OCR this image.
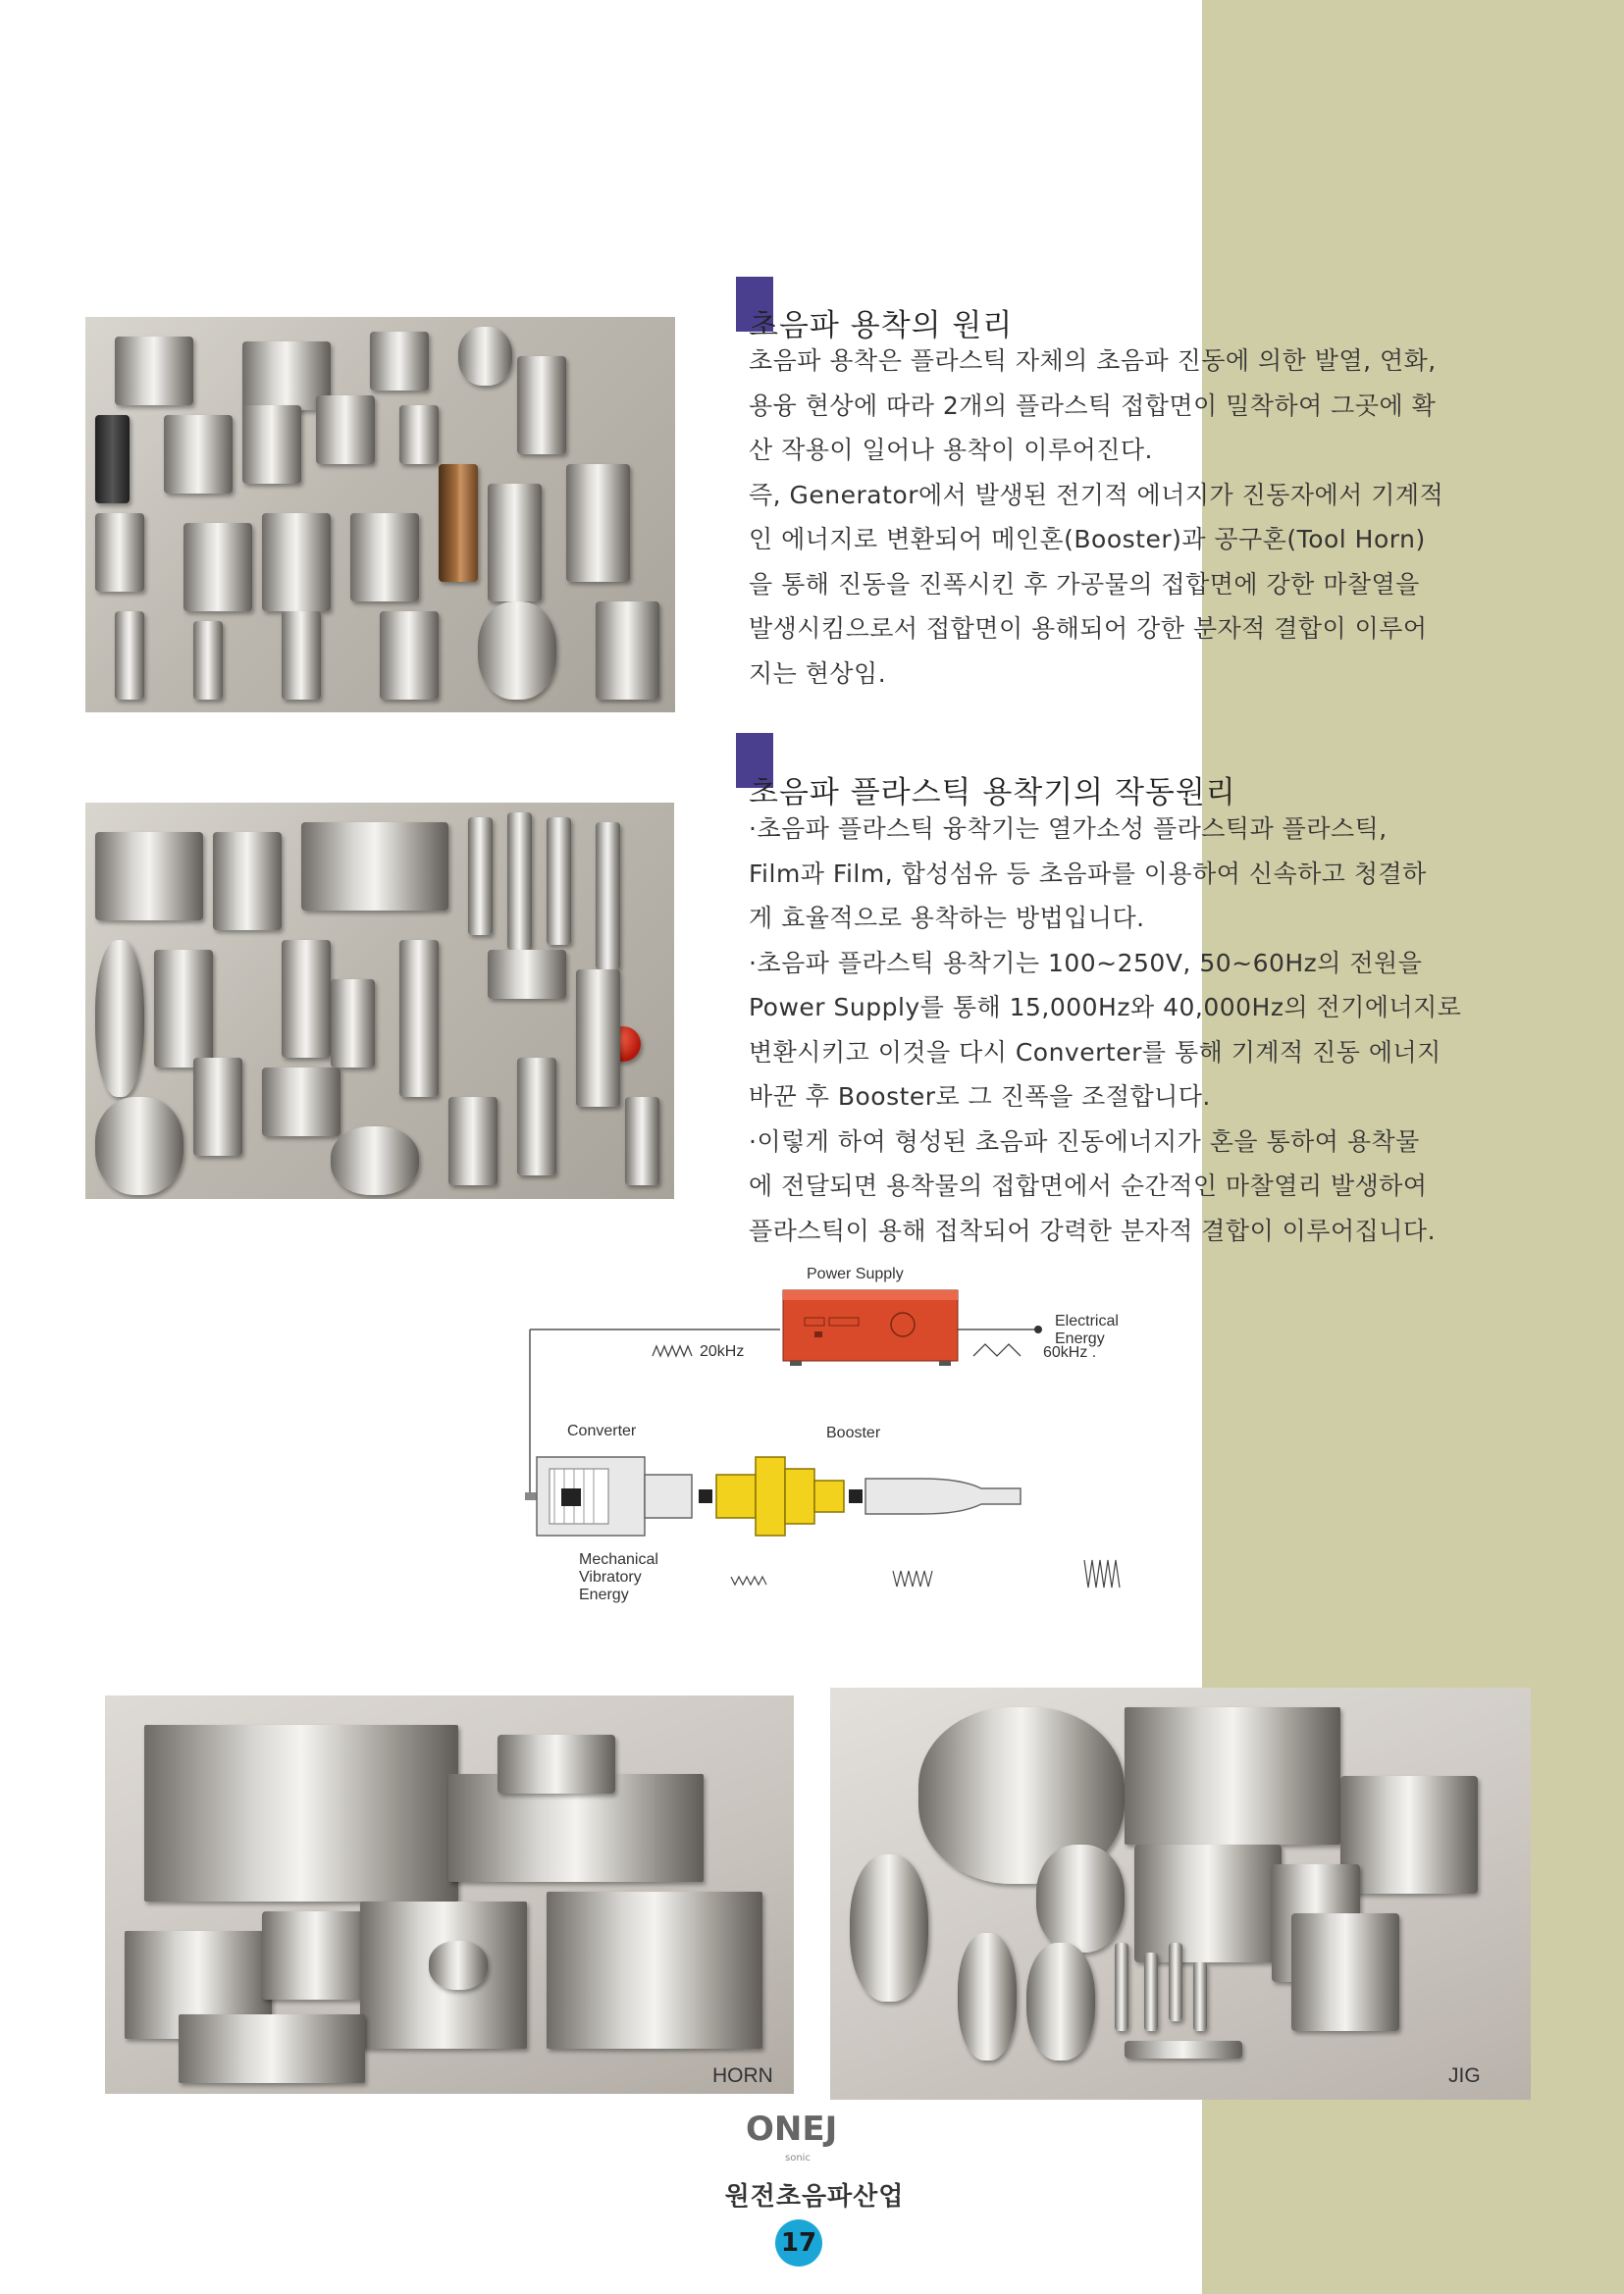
초음파 용착의 원리

초음파 용착은 플라스틱 자체의 초음파 진동에 의한 발열, 연화,

용융 현상에 따라 2개의 플라스틱 접합면이 밀착하여 그곳에 확

산 작용이 일어나 용착이 이루어진다.

즉, Generator에서 발생된 전기적 에너지가 진동자에서 기계적

인 에너지로 변환되어 메인혼(Booster)과 공구혼(Tool Horn)

을 통해 진동을 진폭시킨 후 가공물의 접합면에 강한 마찰열을

발생시킴으로서 접합면이 용해되어 강한 분자적 결합이 이루어

지는 현상임.

초음파 플라스틱 용착기의 작동원리

·초음파 플라스틱 융착기는 열가소성 플라스틱과 플라스틱,

Film과 Film, 합성섬유 등 초음파를 이용하여 신속하고 청결하

게 효율적으로 용착하는 방법입니다.

·초음파 플라스틱 용착기는 100~250V, 50~60Hz의 전원을

Power Supply를 통해 15,000Hz와 40,000Hz의 전기에너지로

변환시키고 이것을 다시 Converter를 통해 기계적 진동 에너지

바꾼 후 Booster로 그 진폭을 조절합니다.

·이렇게 하여 형성된 초음파 진동에너지가 혼을 통하여 용착물

에 전달되면 용착물의 접합면에서 순간적인 마찰열리 발생하여

플라스틱이 용해 접착되어 강력한 분자적 결합이 이루어집니다.

Power Supply
Electrical
Energy
20kHz	60kHz .
Converter	Booster
Mechanical
Vibratory
Energy
HORN	JIG
ONEJ
sonic
원전초음파산업
17
